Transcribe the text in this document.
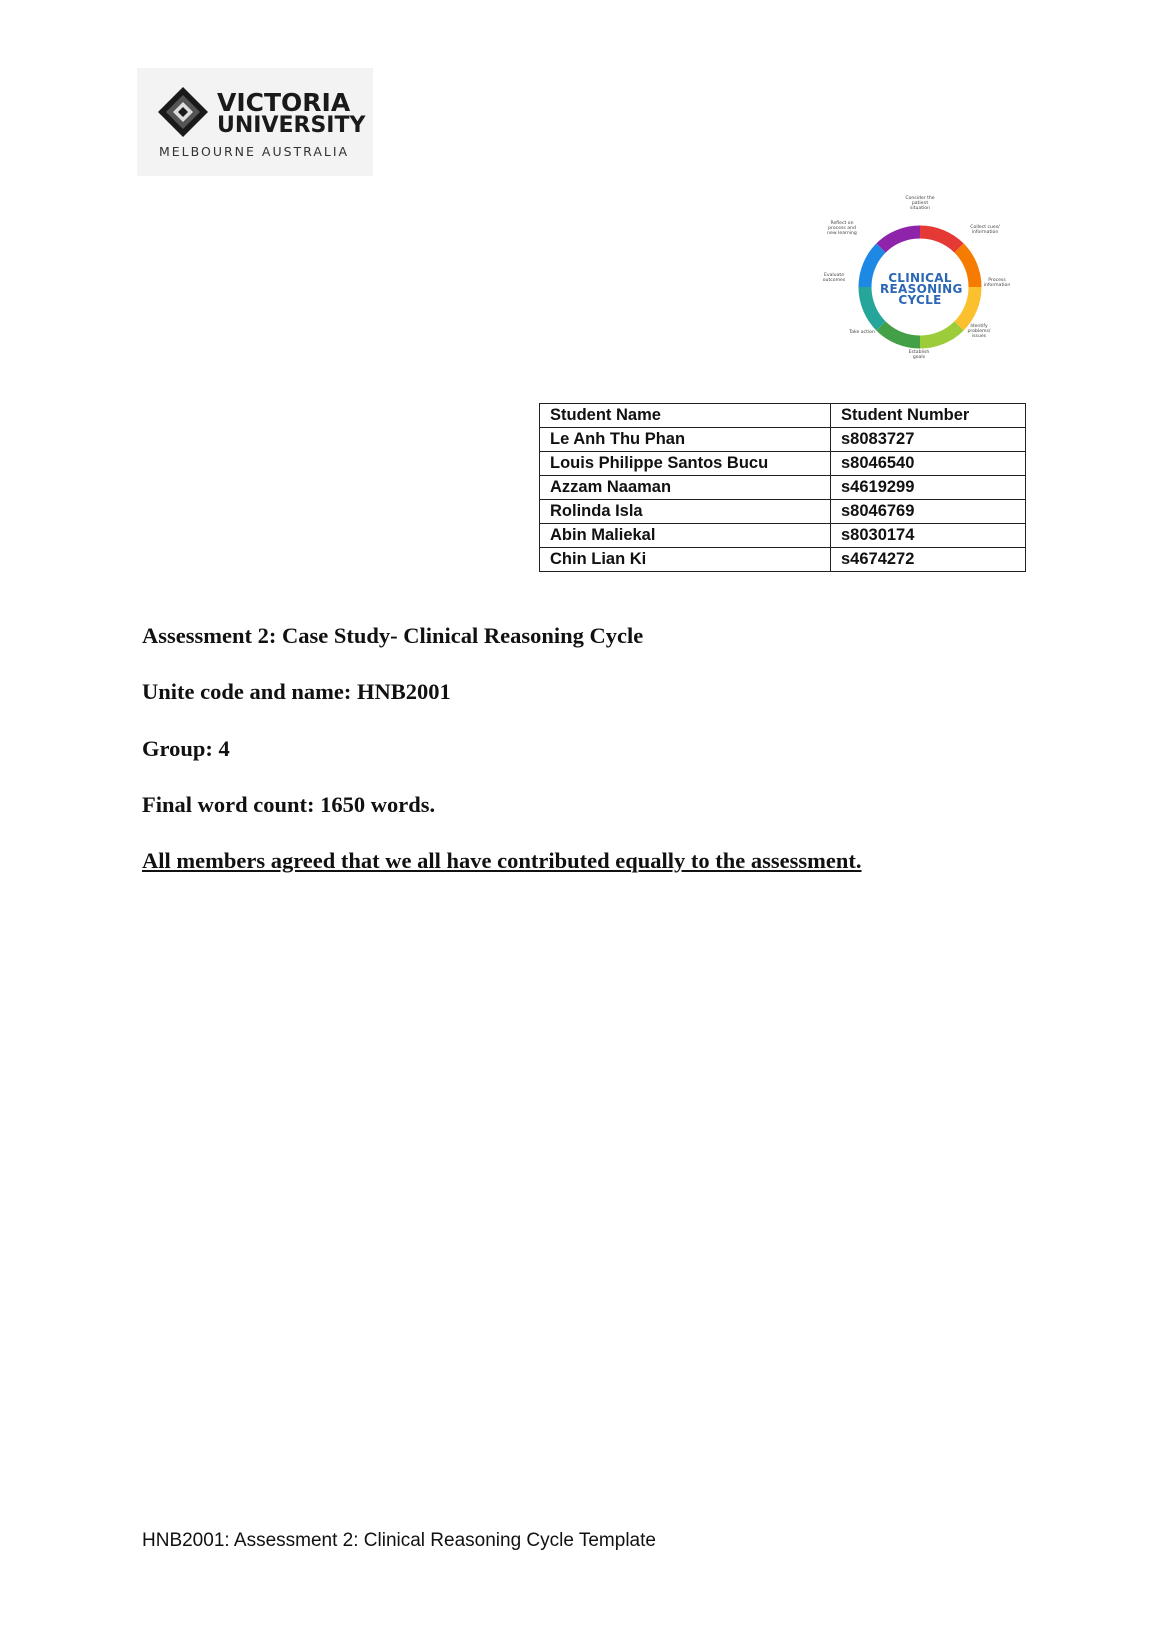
VICTORIA
UNIVERSITY
MELBOURNE AUSTRALIA
CLINICAL
REASONING
CYCLE
Consider the patient situation
Collect cues/ information
Process information
Identify problems/ issues
Establish goals
Take action
Evaluate outcomes
Reflect on process and new learning
Student Name	Student Number
Le Anh Thu Phan	s8083727
Louis Philippe Santos Bucu	s8046540
Azzam Naaman	s4619299
Rolinda Isla	s8046769
Abin Maliekal	s8030174
Chin Lian Ki	s4674272
Assessment 2: Case Study- Clinical Reasoning Cycle
Unite code and name: HNB2001
Group: 4
Final word count: 1650 words.
All members agreed that we all have contributed equally to the assessment.
HNB2001: Assessment 2: Clinical Reasoning Cycle Template
